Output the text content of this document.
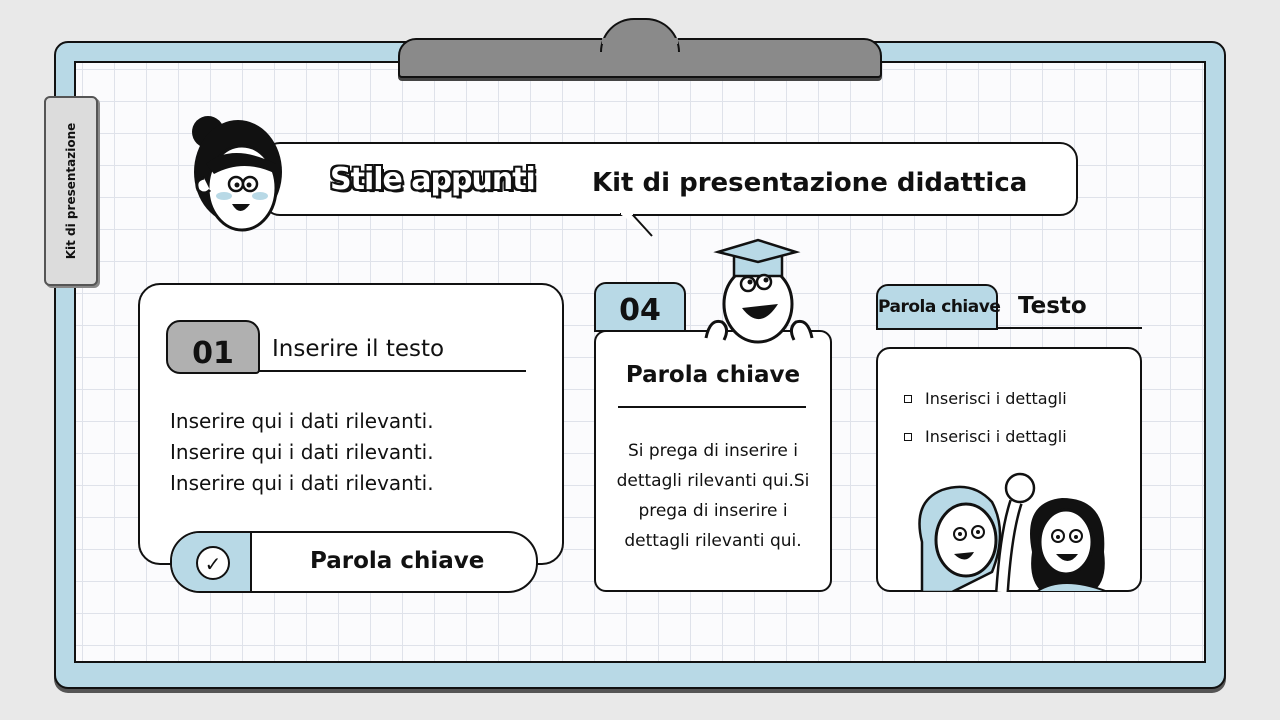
Kit di presentazione	Stile appunti Kit di presentazione didattica
01	Inserire il testo
Inserire qui i dati rilevanti.
Inserire qui i dati rilevanti.
Inserire qui i dati rilevanti.
✓	Parola chiave
04
Parola chiave
Si prega di inserire i dettagli rilevanti qui.Si prega di inserire i dettagli rilevanti qui.
Parola chiave Testo
Inserisci i dettagli
Inserisci i dettagli
